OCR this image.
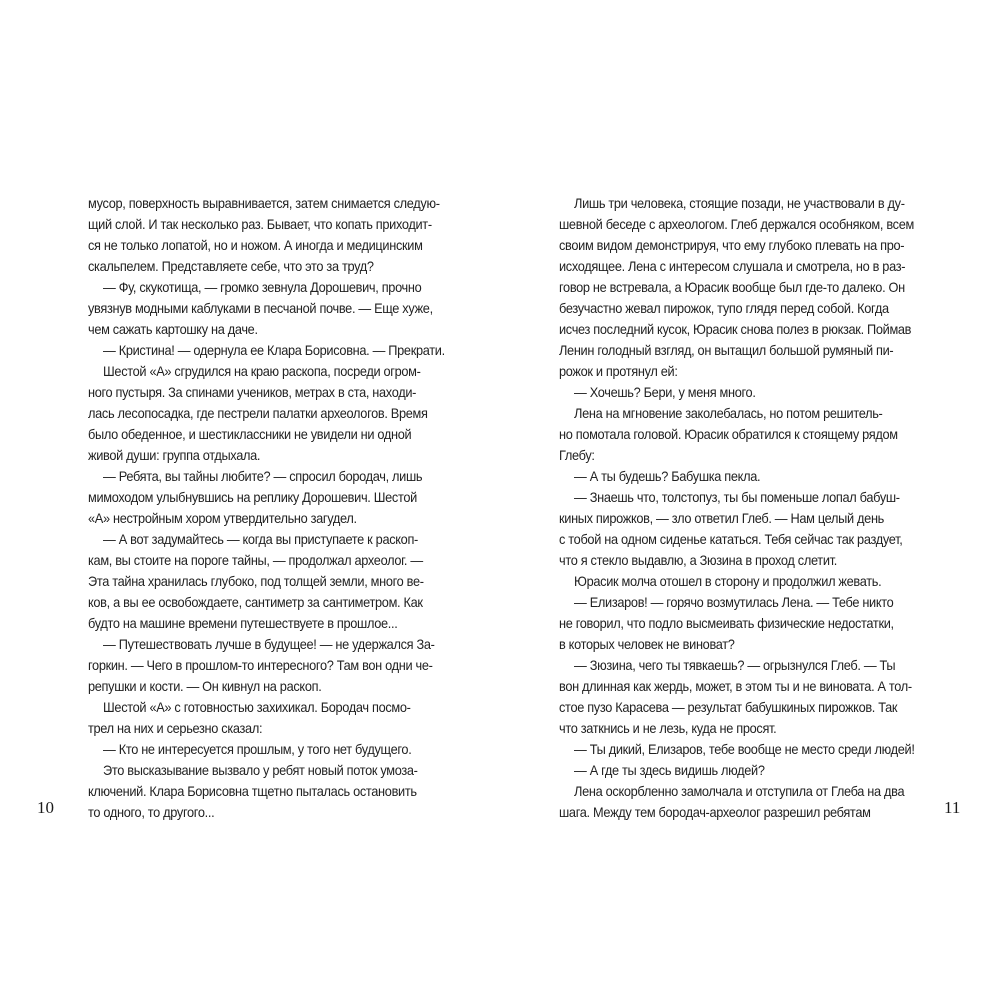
мусор, поверхность выравнивается, затем снимается следую-
щий слой. И так несколько раз. Бывает, что копать приходит-
ся не только лопатой, но и ножом. А иногда и медицинским
скальпелем. Представляете себе, что это за труд?
— Фу, скукотища, — громко зевнула Дорошевич, прочно
увязнув модными каблуками в песчаной почве. — Еще хуже,
чем сажать картошку на даче.
— Кристина! — одернула ее Клара Борисовна. — Прекрати.
Шестой «А» сгрудился на краю раскопа, посреди огром-
ного пустыря. За спинами учеников, метрах в ста, находи-
лась лесопосадка, где пестрели палатки археологов. Время
было обеденное, и шестиклассники не увидели ни одной
живой души: группа отдыхала.
— Ребята, вы тайны любите? — спросил бородач, лишь
мимоходом улыбнувшись на реплику Дорошевич. Шестой
«А» нестройным хором утвердительно загудел.
— А вот задумайтесь — когда вы приступаете к раскоп-
кам, вы стоите на пороге тайны, — продолжал археолог. —
Эта тайна хранилась глубоко, под толщей земли, много ве-
ков, а вы ее освобождаете, сантиметр за сантиметром. Как
будто на машине времени путешествуете в прошлое...
— Путешествовать лучше в будущее! — не удержался За-
горкин. — Чего в прошлом-то интересного? Там вон одни че-
репушки и кости. — Он кивнул на раскоп.
Шестой «А» с готовностью захихикал. Бородач посмо-
трел на них и серьезно сказал:
— Кто не интересуется прошлым, у того нет будущего.
Это высказывание вызвало у ребят новый поток умоза-
ключений. Клара Борисовна тщетно пыталась остановить
то одного, то другого...
Лишь три человека, стоящие позади, не участвовали в ду-
шевной беседе с археологом. Глеб держался особняком, всем
своим видом демонстрируя, что ему глубоко плевать на про-
исходящее. Лена с интересом слушала и смотрела, но в раз-
говор не встревала, а Юрасик вообще был где-то далеко. Он
безучастно жевал пирожок, тупо глядя перед собой. Когда
исчез последний кусок, Юрасик снова полез в рюкзак. Поймав
Ленин голодный взгляд, он вытащил большой румяный пи-
рожок и протянул ей:
— Хочешь? Бери, у меня много.
Лена на мгновение заколебалась, но потом решитель-
но помотала головой. Юрасик обратился к стоящему рядом
Глебу:
— А ты будешь? Бабушка пекла.
— Знаешь что, толстопуз, ты бы поменьше лопал бабуш-
киных пирожков, — зло ответил Глеб. — Нам целый день
с тобой на одном сиденье кататься. Тебя сейчас так раздует,
что я стекло выдавлю, а Зюзина в проход слетит.
Юрасик молча отошел в сторону и продолжил жевать.
— Елизаров! — горячо возмутилась Лена. — Тебе никто
не говорил, что подло высмеивать физические недостатки,
в которых человек не виноват?
— Зюзина, чего ты тявкаешь? — огрызнулся Глеб. — Ты
вон длинная как жердь, может, в этом ты и не виновата. А тол-
стое пузо Карасева — результат бабушкиных пирожков. Так
что заткнись и не лезь, куда не просят.
— Ты дикий, Елизаров, тебе вообще не место среди людей!
— А где ты здесь видишь людей?
Лена оскорбленно замолчала и отступила от Глеба на два
шага. Между тем бородач-археолог разрешил ребятам
10	11
